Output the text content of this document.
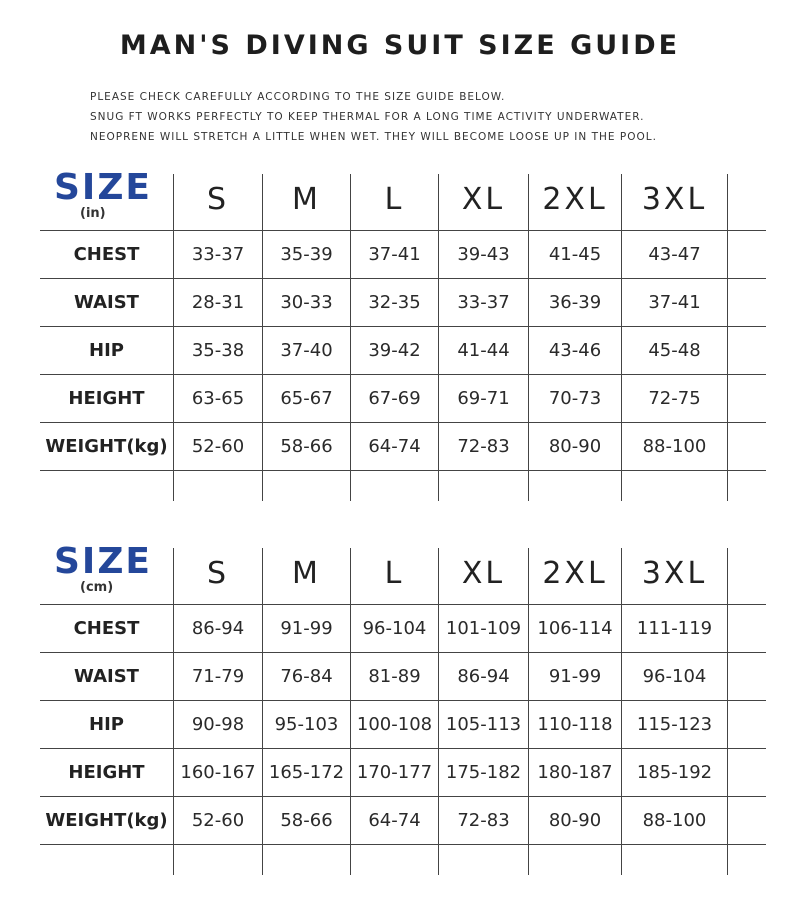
MAN'S DIVING SUIT SIZE GUIDE
PLEASE CHECK CAREFULLY ACCORDING TO THE SIZE GUIDE BELOW.
SNUG FT WORKS PERFECTLY TO KEEP THERMAL FOR A LONG TIME ACTIVITY UNDERWATER.
NEOPRENE WILL STRETCH A LITTLE WHEN WET. THEY WILL BECOME LOOSE UP IN THE POOL.
SIZE
(in)	S	M	L	XL	2XL	3XL
CHEST	33-37	35-39	37-41	39-43	41-45	43-47
WAIST	28-31	30-33	32-35	33-37	36-39	37-41
HIP	35-38	37-40	39-42	41-44	43-46	45-48
HEIGHT	63-65	65-67	67-69	69-71	70-73	72-75
WEIGHT(kg)	52-60	58-66	64-74	72-83	80-90	88-100
SIZE
(cm)	S	M	L	XL	2XL	3XL
CHEST	86-94	91-99	96-104	101-109 106-114	111-119
WAIST	71-79	76-84	81-89	86-94	91-99	96-104
HIP	90-98	95-103	100-108 105-113 110-118	115-123
HEIGHT	160-167 165-172 170-177 175-182 180-187	185-192
WEIGHT(kg)	52-60	58-66	64-74	72-83	80-90	88-100
